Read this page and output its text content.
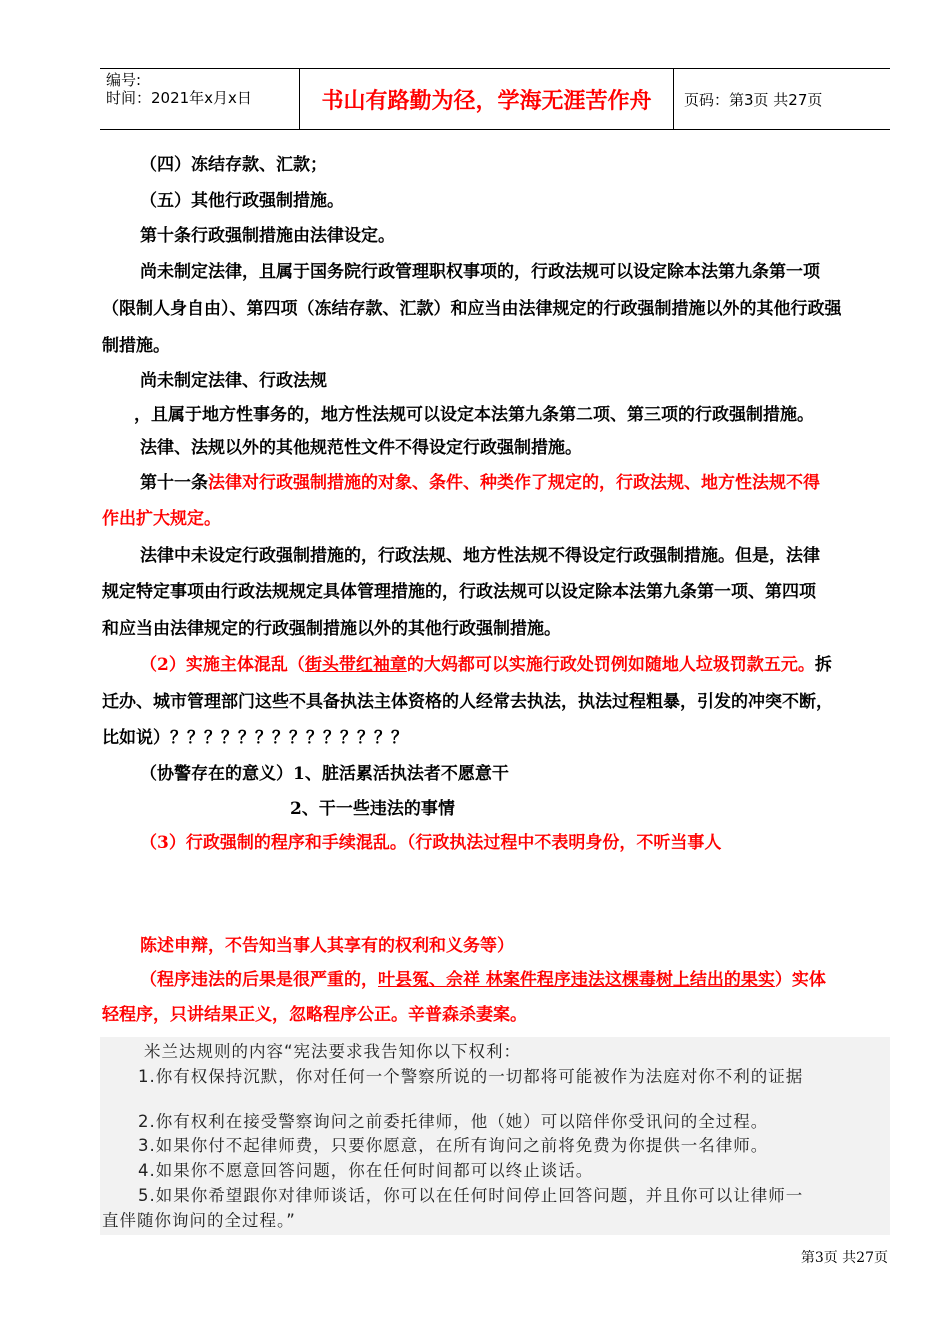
编号:
时间：2021年x月x日	书山有路勤为径，学海无涯苦作舟	页码：第3页 共27页
（四）冻结存款、汇款；
（五）其他行政强制措施。
第十条行政强制措施由法律设定。
尚未制定法律，且属于国务院行政管理职权事项的，行政法规可以设定除本法第九条第一项
（限制人身自由）、第四项（冻结存款、汇款）和应当由法律规定的行政强制措施以外的其他行政强
制措施。
尚未制定法律、行政法规
，且属于地方性事务的，地方性法规可以设定本法第九条第二项、第三项的行政强制措施。
法律、法规以外的其他规范性文件不得设定行政强制措施。
第十一条法律对行政强制措施的对象、条件、种类作了规定的，行政法规、地方性法规不得
作出扩大规定。
法律中未设定行政强制措施的，行政法规、地方性法规不得设定行政强制措施。但是，法律
规定特定事项由行政法规规定具体管理措施的，行政法规可以设定除本法第九条第一项、第四项
和应当由法律规定的行政强制措施以外的其他行政强制措施。
（2）实施主体混乱（街头带红袖章的大妈都可以实施行政处罚例如随地人垃圾罚款五元。拆
迁办、城市管理部门这些不具备执法主体资格的人经常去执法，执法过程粗暴，引发的冲突不断，
比如说）？？？？？？？？？？？？？？
（协警存在的意义）1、脏活累活执法者不愿意干
2、干一些违法的事情
（3）行政强制的程序和手续混乱。（行政执法过程中不表明身份，不听当事人
陈述申辩，不告知当事人其享有的权利和义务等）
（程序违法的后果是很严重的，叶县冤、佘祥 林案件程序违法这棵毒树上结出的果实）实体
轻程序，只讲结果正义，忽略程序公正。辛普森杀妻案。
米兰达规则的内容“宪法要求我告知你以下权利：
1.你有权保持沉默，你对任何一个警察所说的一切都将可能被作为法庭对你不利的证据
2.你有权利在接受警察询问之前委托律师，他（她）可以陪伴你受讯问的全过程。
3.如果你付不起律师费，只要你愿意，在所有询问之前将免费为你提供一名律师。
4.如果你不愿意回答问题，你在任何时间都可以终止谈话。
5.如果你希望跟你对律师谈话，你可以在任何时间停止回答问题，并且你可以让律师一
直伴随你询问的全过程。”
第3页 共27页
